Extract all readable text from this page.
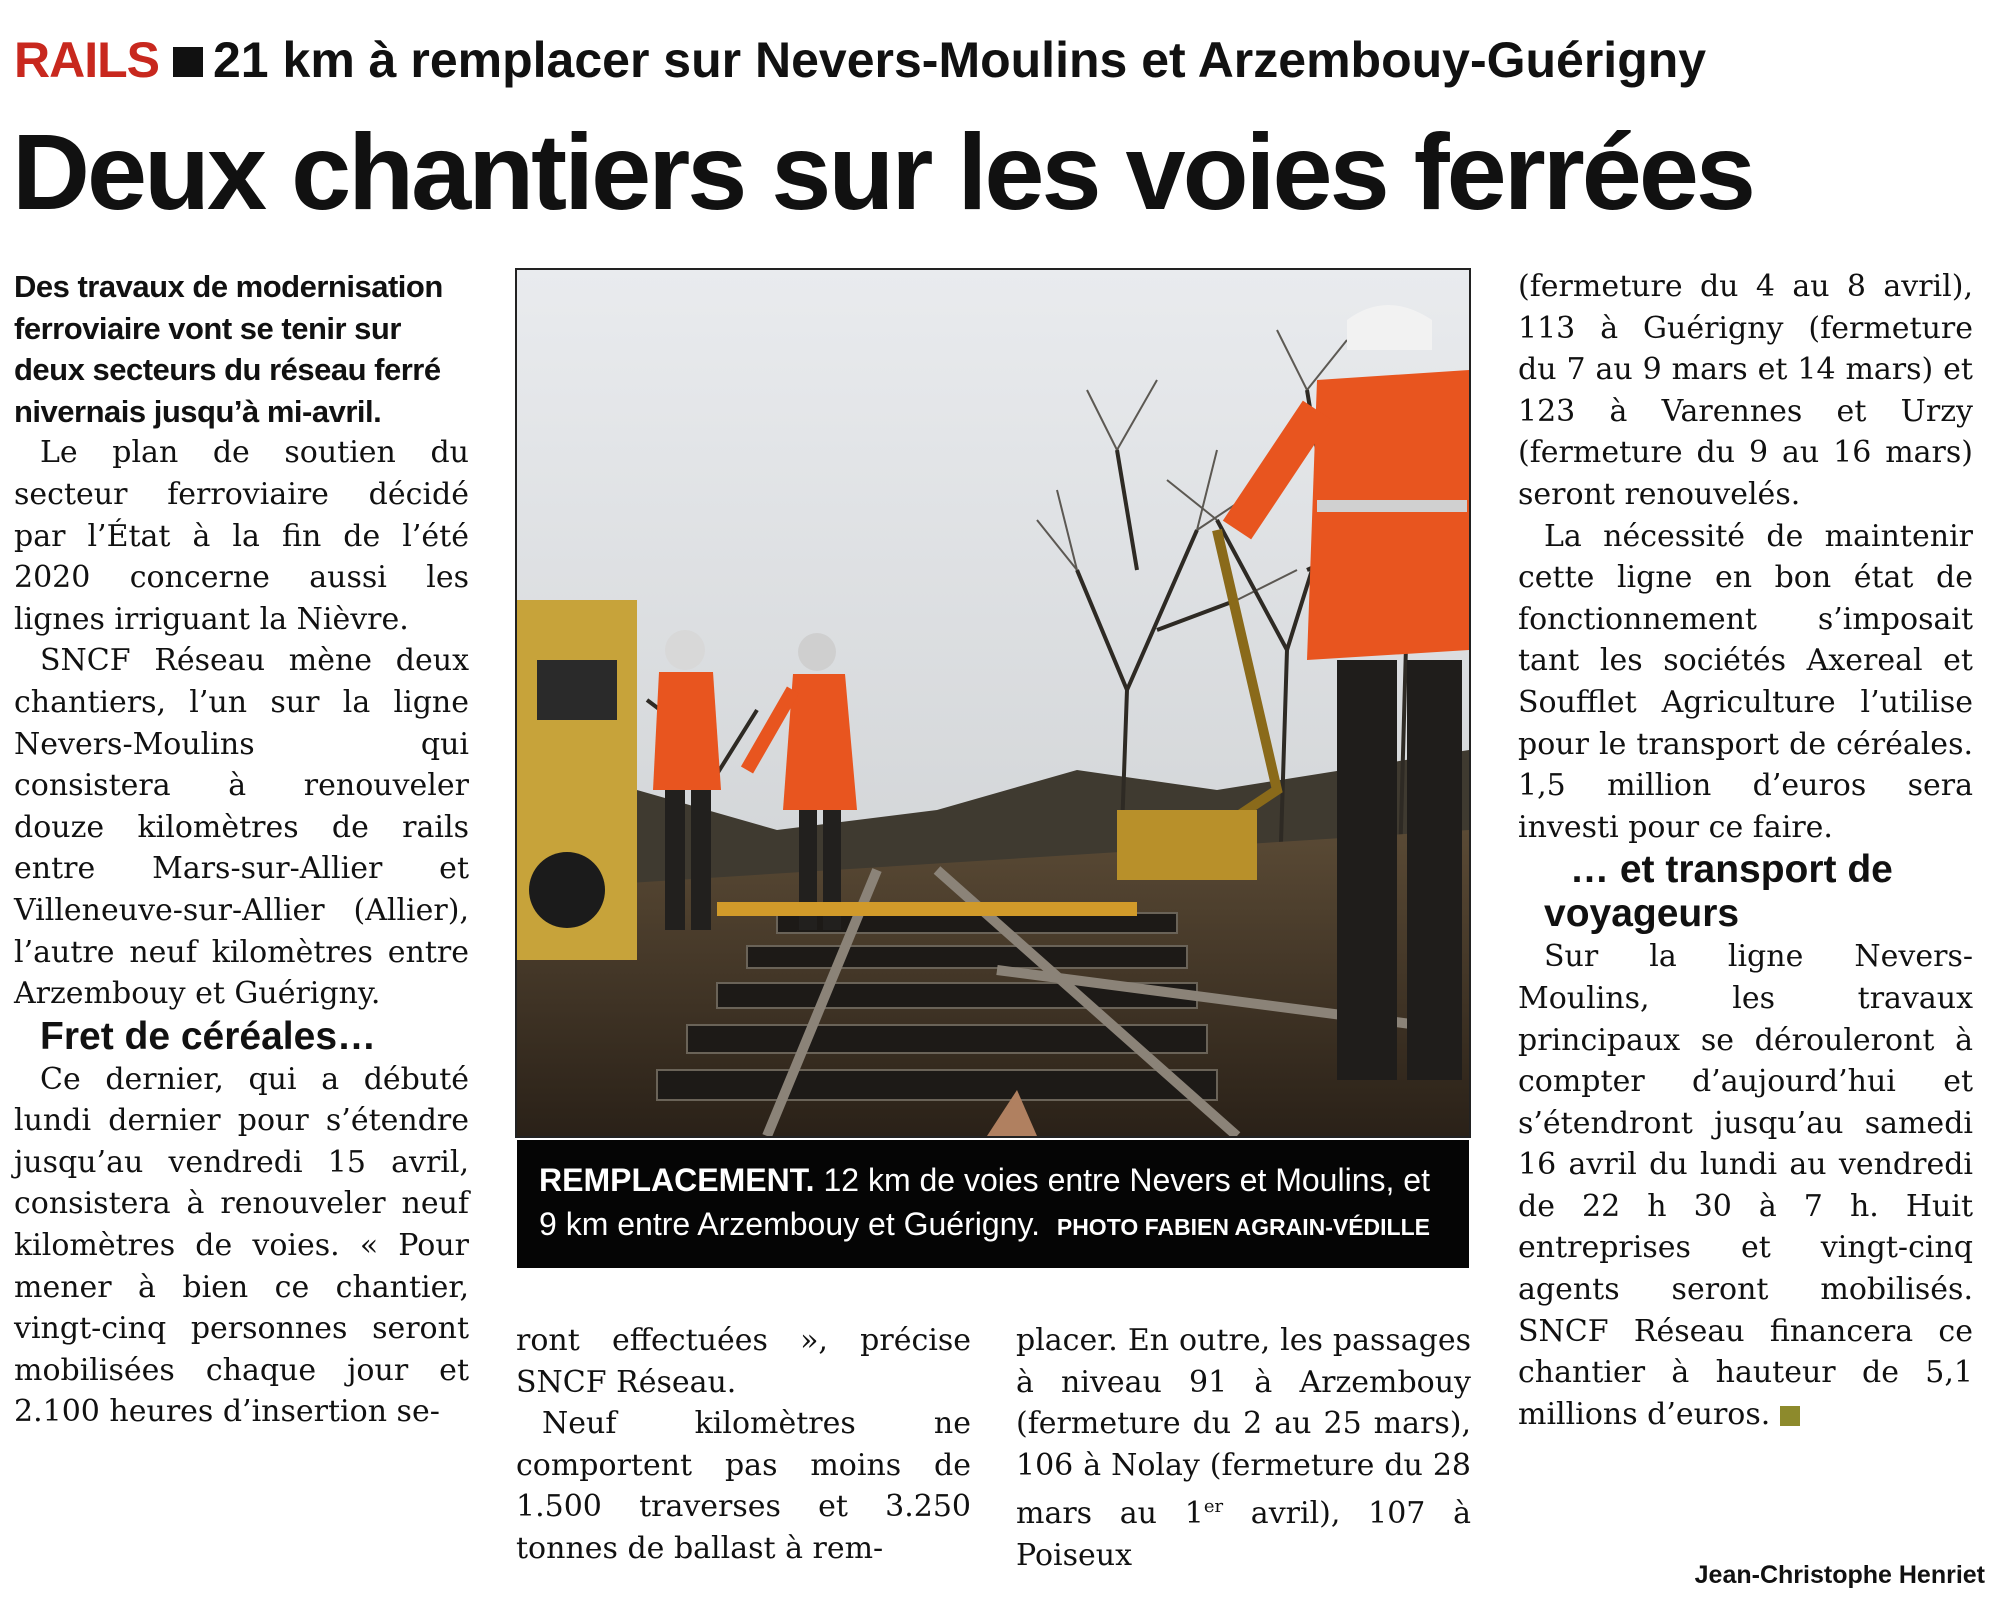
RAILS 21 km à remplacer sur Nevers-Moulins et Arzembouy-Guérigny
Deux chantiers sur les voies ferrées

Des travaux de modernisation ferroviaire vont se tenir sur deux secteurs du réseau ferré nivernais jusqu’à mi-avril.

Le plan de soutien du secteur ferroviaire décidé par l’État à la fin de l’été 2020 concerne aussi les lignes irriguant la Nièvre.

SNCF Réseau mène deux chantiers, l’un sur la ligne Nevers-Moulins qui consistera à renouveler douze kilomètres de rails entre Mars-sur-Allier et Villeneuve-sur-Allier (Allier), l’autre neuf kilomètres entre Arzembouy et Guérigny.

Fret de céréales…

Ce dernier, qui a débuté lundi dernier pour s’étendre jusqu’au vendredi 15 avril, consistera à renouveler neuf kilomètres de voies. « Pour mener à bien ce chantier, vingt-cinq personnes seront mobilisées chaque jour et 2.100 heures d’insertion se-

REMPLACEMENT. 12 km de voies entre Nevers et Moulins, et 9 km entre Arzembouy et Guérigny. PHOTO FABIEN AGRAIN-VÉDILLE

ront effectuées », précise SNCF Réseau.

Neuf kilomètres ne comportent pas moins de 1.500 traverses et 3.250 tonnes de ballast à rem-

placer. En outre, les passages à niveau 91 à Arzembouy (fermeture du 2 au 25 mars), 106 à Nolay (fermeture du 28 mars au 1er avril), 107 à Poiseux

(fermeture du 4 au 8 avril), 113 à Guérigny (fermeture du 7 au 9 mars et 14 mars) et 123 à Varennes et Urzy (fermeture du 9 au 16 mars) seront renouvelés.

La nécessité de maintenir cette ligne en bon état de fonctionnement s’imposait tant les sociétés Axereal et Soufflet Agriculture l’utilise pour le transport de céréales. 1,5 million d’euros sera investi pour ce faire.

… et transport de voyageurs

Sur la ligne Nevers-Moulins, les travaux principaux se dérouleront à compter d’aujourd’hui et s’étendront jusqu’au samedi 16 avril du lundi au vendredi de 22 h 30 à 7 h. Huit entreprises et vingt-cinq agents seront mobilisés. SNCF Réseau financera ce chantier à hauteur de 5,1 millions d’euros.

Jean-Christophe Henriet
